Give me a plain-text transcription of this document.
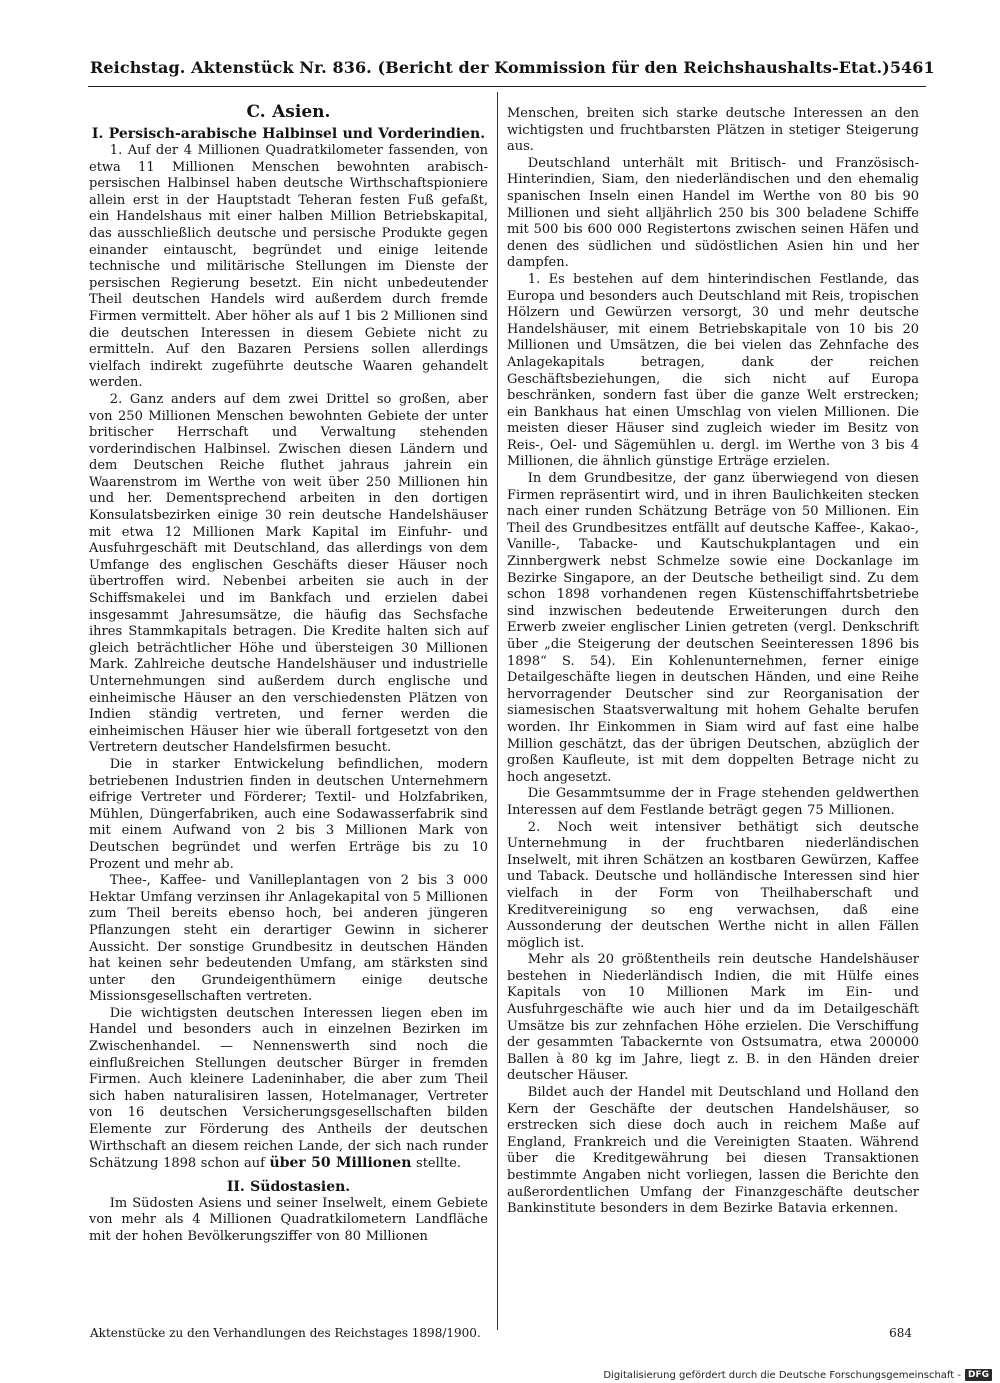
Reichstag. Aktenstück Nr. 836. (Bericht der Kommission für den Reichshaushalts-Etat.) 5461
C. Asien.
I. Persisch-arabische Halbinsel und Vorderindien.

1. Auf der 4 Millionen Quadratkilometer fassenden, von etwa 11 Millionen Menschen bewohnten arabisch-persischen Halbinsel haben deutsche Wirthschaftspioniere allein erst in der Hauptstadt Teheran festen Fuß gefaßt, ein Handelshaus mit einer halben Million Betriebskapital, das ausschließlich deutsche und persische Produkte gegen einander eintauscht, begründet und einige leitende technische und militärische Stellungen im Dienste der persischen Regierung besetzt. Ein nicht unbedeutender Theil deutschen Handels wird außerdem durch fremde Firmen vermittelt. Aber höher als auf 1 bis 2 Millionen sind die deutschen Interessen in diesem Gebiete nicht zu ermitteln. Auf den Bazaren Persiens sollen allerdings vielfach indirekt zugeführte deutsche Waaren gehandelt werden.

2. Ganz anders auf dem zwei Drittel so großen, aber von 250 Millionen Menschen bewohnten Gebiete der unter britischer Herrschaft und Verwaltung stehenden vorderindischen Halbinsel. Zwischen diesen Ländern und dem Deutschen Reiche fluthet jahraus jahrein ein Waarenstrom im Werthe von weit über 250 Millionen hin und her. Dementsprechend arbeiten in den dortigen Konsulatsbezirken einige 30 rein deutsche Handelshäuser mit etwa 12 Millionen Mark Kapital im Einfuhr- und Ausfuhrgeschäft mit Deutschland, das allerdings von dem Umfange des englischen Geschäfts dieser Häuser noch übertroffen wird. Nebenbei arbeiten sie auch in der Schiffsmakelei und im Bankfach und erzielen dabei insgesammt Jahresumsätze, die häufig das Sechsfache ihres Stammkapitals betragen. Die Kredite halten sich auf gleich beträchtlicher Höhe und übersteigen 30 Millionen Mark. Zahlreiche deutsche Handelshäuser und industrielle Unternehmungen sind außerdem durch englische und einheimische Häuser an den verschiedensten Plätzen von Indien ständig vertreten, und ferner werden die einheimischen Häuser hier wie überall fortgesetzt von den Vertretern deutscher Handelsfirmen besucht.

Die in starker Entwickelung befindlichen, modern betriebenen Industrien finden in deutschen Unternehmern eifrige Vertreter und Förderer; Textil- und Holzfabriken, Mühlen, Düngerfabriken, auch eine Sodawasserfabrik sind mit einem Aufwand von 2 bis 3 Millionen Mark von Deutschen begründet und werfen Erträge bis zu 10 Prozent und mehr ab.

Thee-, Kaffee- und Vanilleplantagen von 2 bis 3 000 Hektar Umfang verzinsen ihr Anlagekapital von 5 Millionen zum Theil bereits ebenso hoch, bei anderen jüngeren Pflanzungen steht ein derartiger Gewinn in sicherer Aussicht. Der sonstige Grundbesitz in deutschen Händen hat keinen sehr bedeutenden Umfang, am stärksten sind unter den Grundeigenthümern einige deutsche Missionsgesellschaften vertreten.

Die wichtigsten deutschen Interessen liegen eben im Handel und besonders auch in einzelnen Bezirken im Zwischenhandel. — Nennenswerth sind noch die einflußreichen Stellungen deutscher Bürger in fremden Firmen. Auch kleinere Ladeninhaber, die aber zum Theil sich haben naturalisiren lassen, Hotelmanager, Vertreter von 16 deutschen Versicherungsgesellschaften bilden Elemente zur Förderung des Antheils der deutschen Wirthschaft an diesem reichen Lande, der sich nach runder Schätzung 1898 schon auf über 50 Millionen stellte.

II. Südostasien.

Im Südosten Asiens und seiner Inselwelt, einem Gebiete von mehr als 4 Millionen Quadratkilometern Landfläche mit der hohen Bevölkerungsziffer von 80 Millionen

Menschen, breiten sich starke deutsche Interessen an den wichtigsten und fruchtbarsten Plätzen in stetiger Steigerung aus.

Deutschland unterhält mit Britisch- und Französisch-Hinterindien, Siam, den niederländischen und den ehemalig spanischen Inseln einen Handel im Werthe von 80 bis 90 Millionen und sieht alljährlich 250 bis 300 beladene Schiffe mit 500 bis 600 000 Registertons zwischen seinen Häfen und denen des südlichen und südöstlichen Asien hin und her dampfen.

1. Es bestehen auf dem hinterindischen Festlande, das Europa und besonders auch Deutschland mit Reis, tropischen Hölzern und Gewürzen versorgt, 30 und mehr deutsche Handelshäuser, mit einem Betriebskapitale von 10 bis 20 Millionen und Umsätzen, die bei vielen das Zehnfache des Anlagekapitals betragen, dank der reichen Geschäftsbeziehungen, die sich nicht auf Europa beschränken, sondern fast über die ganze Welt erstrecken; ein Bankhaus hat einen Umschlag von vielen Millionen. Die meisten dieser Häuser sind zugleich wieder im Besitz von Reis-, Oel- und Sägemühlen u. dergl. im Werthe von 3 bis 4 Millionen, die ähnlich günstige Erträge erzielen.

In dem Grundbesitze, der ganz überwiegend von diesen Firmen repräsentirt wird, und in ihren Baulichkeiten stecken nach einer runden Schätzung Beträge von 50 Millionen. Ein Theil des Grundbesitzes entfällt auf deutsche Kaffee-, Kakao-, Vanille-, Tabacke- und Kautschukplantagen und ein Zinnbergwerk nebst Schmelze sowie eine Dockanlage im Bezirke Singapore, an der Deutsche betheiligt sind. Zu dem schon 1898 vorhandenen regen Küstenschiffahrtsbetriebe sind inzwischen bedeutende Erweiterungen durch den Erwerb zweier englischer Linien getreten (vergl. Denkschrift über „die Steigerung der deutschen Seeinteressen 1896 bis 1898“ S. 54). Ein Kohlenunternehmen, ferner einige Detailgeschäfte liegen in deutschen Händen, und eine Reihe hervorragender Deutscher sind zur Reorganisation der siamesischen Staatsverwaltung mit hohem Gehalte berufen worden. Ihr Einkommen in Siam wird auf fast eine halbe Million geschätzt, das der übrigen Deutschen, abzüglich der großen Kaufleute, ist mit dem doppelten Betrage nicht zu hoch angesetzt.

Die Gesammtsumme der in Frage stehenden geldwerthen Interessen auf dem Festlande beträgt gegen 75 Millionen.

2. Noch weit intensiver bethätigt sich deutsche Unternehmung in der fruchtbaren niederländischen Inselwelt, mit ihren Schätzen an kostbaren Gewürzen, Kaffee und Taback. Deutsche und holländische Interessen sind hier vielfach in der Form von Theilhaberschaft und Kreditvereinigung so eng verwachsen, daß eine Aussonderung der deutschen Werthe nicht in allen Fällen möglich ist.

Mehr als 20 größtentheils rein deutsche Handelshäuser bestehen in Niederländisch Indien, die mit Hülfe eines Kapitals von 10 Millionen Mark im Ein- und Ausfuhrgeschäfte wie auch hier und da im Detailgeschäft Umsätze bis zur zehnfachen Höhe erzielen. Die Verschiffung der gesammten Tabackernte von Ostsumatra, etwa 200000 Ballen à 80 kg im Jahre, liegt z. B. in den Händen dreier deutscher Häuser.

Bildet auch der Handel mit Deutschland und Holland den Kern der Geschäfte der deutschen Handelshäuser, so erstrecken sich diese doch auch in reichem Maße auf England, Frankreich und die Vereinigten Staaten. Während über die Kreditgewährung bei diesen Transaktionen bestimmte Angaben nicht vorliegen, lassen die Berichte den außerordentlichen Umfang der Finanzgeschäfte deutscher Bankinstitute besonders in dem Bezirke Batavia erkennen.

Aktenstücke zu den Verhandlungen des Reichstages 1898/1900.	684
Digitalisierung gefördert durch die Deutsche Forschungsgemeinschaft - DFG
